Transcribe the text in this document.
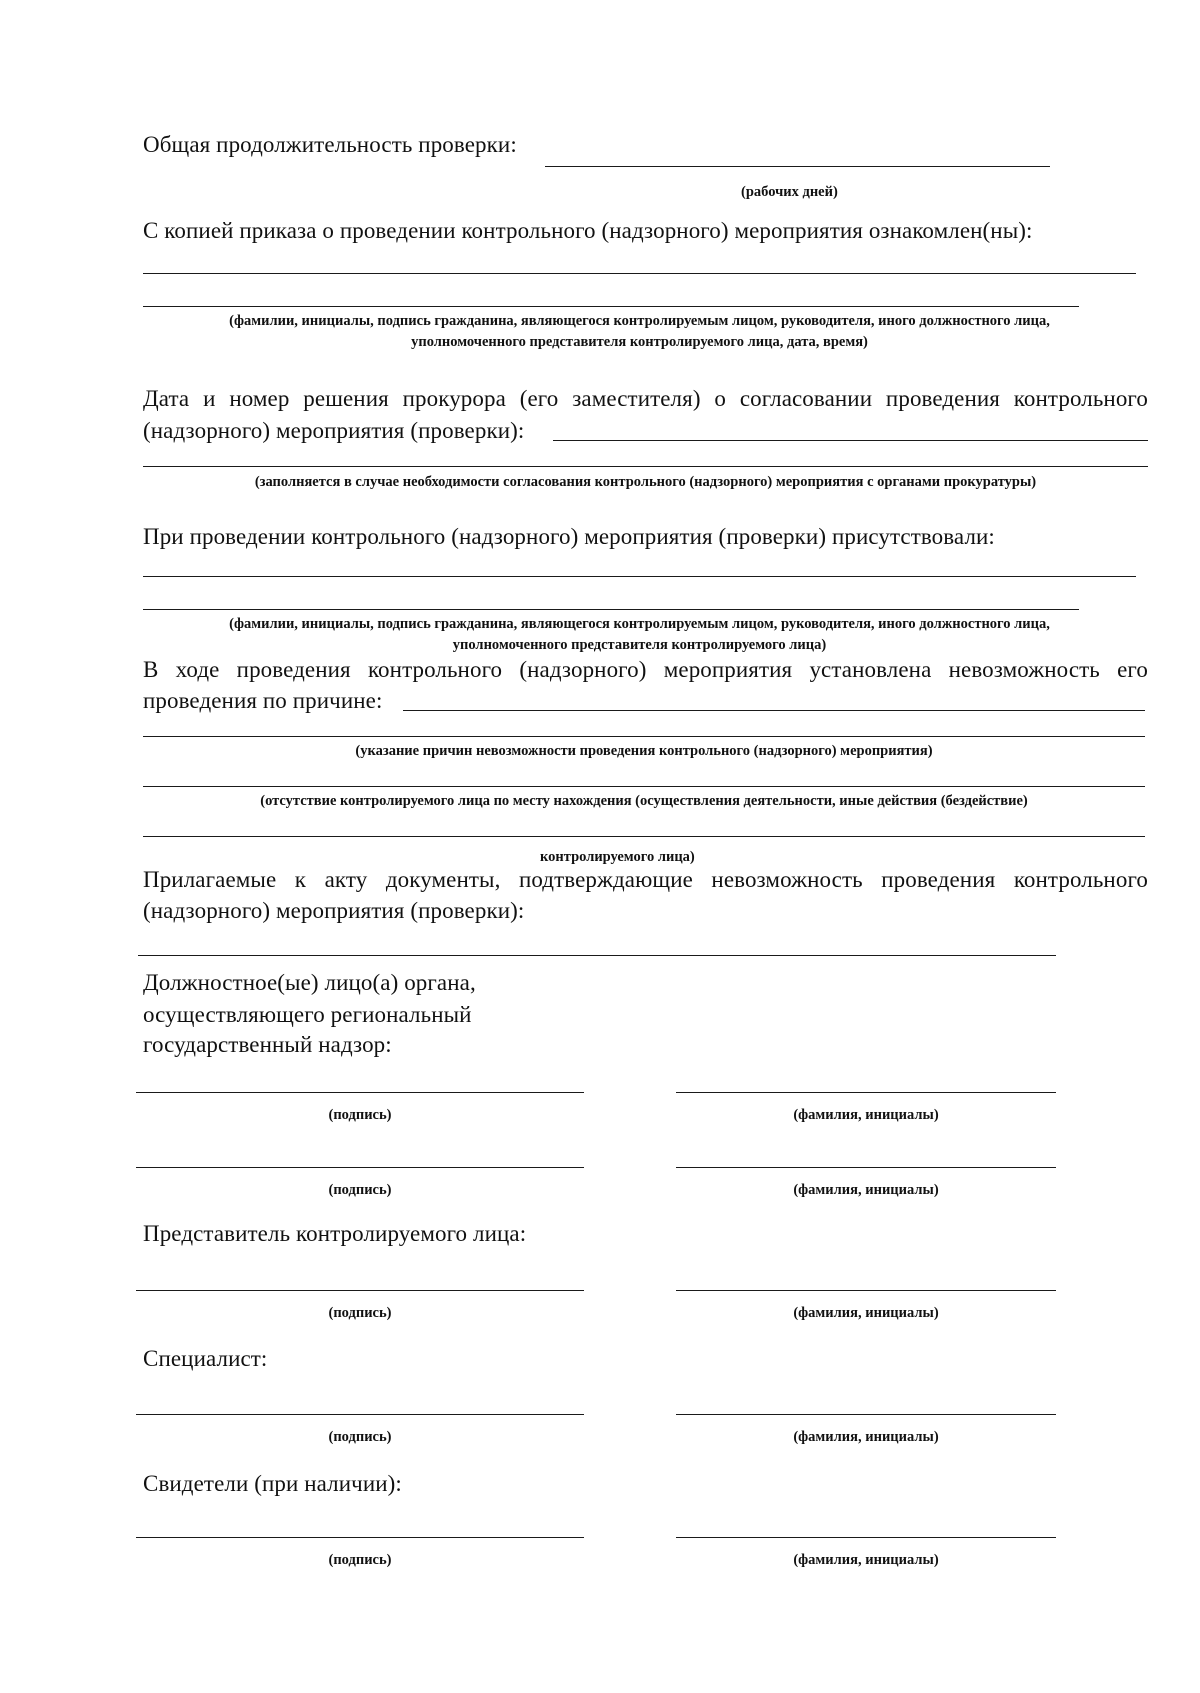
Общая продолжительность проверки:
(рабочих дней)
С копией приказа о проведении контрольного (надзорного) мероприятия ознакомлен(ны):
(фамилии, инициалы, подпись гражданина, являющегося контролируемым лицом, руководителя, иного должностного лица,
уполномоченного представителя контролируемого лица, дата, время)
Дата и номер решения прокурора (его заместителя) о согласовании проведения контрольного
(надзорного) мероприятия (проверки):
(заполняется в случае необходимости согласования контрольного (надзорного) мероприятия с органами прокуратуры)
При проведении контрольного (надзорного) мероприятия (проверки) присутствовали:
(фамилии, инициалы, подпись гражданина, являющегося контролируемым лицом, руководителя, иного должностного лица,
уполномоченного представителя контролируемого лица)
В ходе проведения контрольного (надзорного) мероприятия установлена невозможность его
проведения по причине:
(указание причин невозможности проведения контрольного (надзорного) мероприятия)
(отсутствие контролируемого лица по месту нахождения (осуществления деятельности, иные действия (бездействие)
контролируемого лица)
Прилагаемые к акту документы, подтверждающие невозможность проведения контрольного
(надзорного) мероприятия (проверки):
Должностное(ые) лицо(а) органа,
осуществляющего региональный
государственный надзор:
(подпись)	(фамилия, инициалы)
(подпись)	(фамилия, инициалы)
Представитель контролируемого лица:
(подпись)	(фамилия, инициалы)
Специалист:
(подпись)	(фамилия, инициалы)
Свидетели (при наличии):
(подпись)	(фамилия, инициалы)
